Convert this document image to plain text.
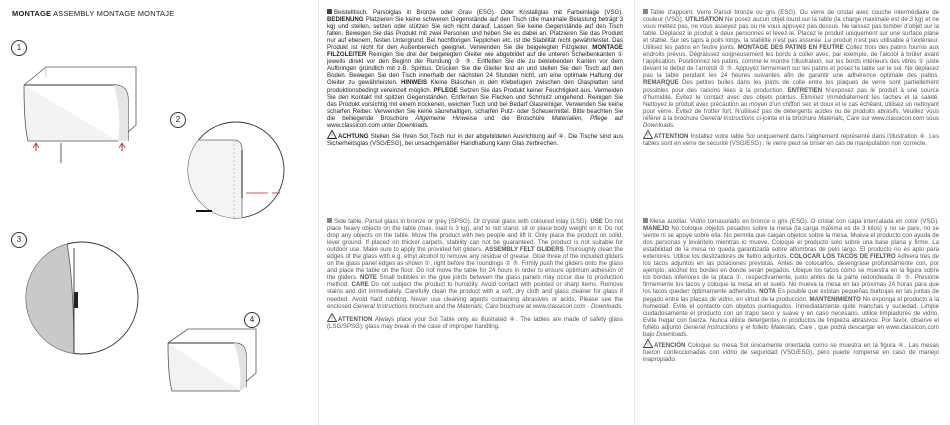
MONTAGE ASSEMBLY MONTAGE MONTAJE
1
2
3
4

Beistelltisch. Parsolglas in Bronze oder Grau (ESG). Oder Kristallglas mit Farbeinlage (VSG). BEDIENUNG Platzieren Sie keine schweren Gegenstände auf den Tisch (die maximale Belastung beträgt 3 kg) und stellen, setzen oder stützen Sie sich nicht darauf. Lassen Sie keine Gegenstände auf den Tisch fallen. Bewegen Sie das Produkt mit zwei Personen und heben Sie es dabei an. Platzieren Sie das Produkt nur auf ebenem, festen Untergrund. Bei hochflorigen Teppichen etc. ist die Stabilität nicht gewährleistet. Das Produkt ist nicht für den Außenbereich geeignet. Verwenden Sie die beigelegten Filzgleiter. MONTAGE FILZGLEITER Reinigen Sie drei der beigelegten Gleiter wie abgebildet auf die unteren Scheibenkanten ① jeweils direkt vor den Beginn der Rundung ② ③. Entfetten Sie die zu beklebenden Kanten vor dem Aufbringen gründlich mit z.B. Spiritus. Drücken Sie die Gleiter fest an und stellen Sie den Tisch auf den Boden. Bewegen Sie den Tisch innerhalb der nächsten 24 Stunden nicht, um eine optimale Haftung der Gleiter zu gewährleisten. HINWEIS Kleine Bläschen in den Klebefugen zwischen den Glasplatten sind produktionsbedingt vereinzelt möglich. PFLEGE Setzen Sie das Produkt keiner Feuchtigkeit aus. Vermeiden Sie den Kontakt mit spitzen Gegenständen. Entfernen Sie Flecken und Schmutz umgehend. Reinigen Sie das Produkt vorsichtig mit einem trockenen, weichen Tuch und bei Bedarf Glasreiniger. Verwenden Sie keine scharfen Reiber. Verwenden Sie keine säurehaltigen, scharfen Putz- oder Scheuermittel. Bitte beachten Sie die beiliegende Broschüre Allgemeine Hinweise und die Broschüre Materialien, Pflege auf www.classicon.com unter Downloads.

! ACHTUNG Stellen Sie Ihren Sol Tisch nur in der abgebildeten Ausrichtung auf ④. Die Tische sind aus Sicherheitsglas (VSG/ESG), bei unsachgemäßer Handhabung kann Glas zerbrechen.

Side table. Parsol glass in bronze or grey (SPSG). Or crystal glass with coloured inlay (LSG). USE Do not place heavy objects on the table (max. load is 3 kg), and to not stand, sit or place body weight on it. Do not drop any objects on the table. Move the product with two people and lift it. Only place the product on solid, level ground. If placed on thicker carpets, stability can not be guaranteed. The product is not suitable for outdoor use. Make sure to apply the provided felt gliders. ASSEMBLY FELT GLIDERS Thoroughly clean the edges of the glass with e.g. ethyl alcohol to remove any residue of grease. Glue three of the included gliders on the glass panel edges as shown ①, right before the roundings ② ③. Firmly push the gliders onto the glass and place the table on the floor. Do not move the table for 24 hours in order to ensure optimum adhesion of the gliders. NOTE Small bubbles in the glue joints between the glass panels may occur due to production method. CARE Do not subject the product to humidity. Avoid contact with pointed or sharp items. Remove stains and dirt immediately. Carefully clean the product with a soft, dry cloth and glass cleaner for glass if needed. Avoid hard rubbing. Never use cleaning agents containing abrasives or acids. Please see the enclosed General Instructions brochure and the Materials, Care brochure at www.classicon.com - Downloads.

! ATTENTION Always place your Sol Table only as illustrated ④. The tables are made of safety glass (LSG/SPSG); glass may break in the case of improper handling.

Table d’appoint. Verre Parsol bronze ou gris (ESG). Ou verre de cristal avec couche intermédiaire de couleur (VSG). UTILISATION Ne posez aucun objet lourd sur la table (la charge maximale est de 3 kg) et ne vous mettez pas, ne vous asseyez pas ou ne vous appuyez pas dessus. Ne laissez pas tomber d’objet sur la table. Déplacez le produit à deux personnes et levez-le. Placez le produit uniquement sur une surface plane et stable. Sur les tapis à poils longs, la stabilité n’est pas assurée. Le produit n’est pas utilisable à l’extérieur. Utilisez les patins en feutre joints. MONTAGE DES PATINS EN FEUTRE Collez trois des patins fournis aux endroits prévus. Dégraissez soigneusement les bords à coller avec, par exemple, de l’alcool à brûler avant l’application. Positionnez les patins, comme le montre l’illustration, sur les bords intérieurs des vitres ① juste devant le début de l’arrondi ② ③. Appuyez fermement sur les patins et posez la table sur le sol. Ne déplacez pas la table pendant les 24 heures suivantes afin de garantir une adhérence optimale des patins. REMARQUE Des petites bulles dans les joints de colle entre les plaques de verre sont partiellement possibles pour des raisons liées à la production. ENTRETIEN N’exposez pas le produit à une source d’humidité. Évitez le contact avec des objets pointus. Éliminez immédiatement les taches et la saleté. Nettoyez le produit avec précaution au moyen d’un chiffon sec et doux et le cas échéant, utilisez un nettoyant pour verre. Évitez de frotter fort. N’utilisez pas de détergents acides ou de produits abrasifs. Veuillez vous référer à la brochure General Instructions ci-jointe et la brochure Materials, Care sur www.classicon.com sous Downloads.

! ATTENTION Installez votre table Sol uniquement dans l’alignement représenté dans l’illustration ④. Les tables sont en verre de sécurité (VSG/ESG) ; le verre peut se briser en cas de manipulation non correcte.

Mesa auxiliar. Vidrio tornasolado en bronce o gris (ESG). O cristal con capa intercalada en color (VSG). MANEJO No coloque objetos pesados sobre la mesa (la carga máxima es de 3 kilos) y no se pare, no se siente ni se apoye sobre ella. No permita que caigan objetos sobre la mesa. Mueva el producto con ayuda de dos personas y levántelo mientras lo mueve. Coloque el producto solo sobre una base plana y firme. La estabilidad de la mesa no queda garantizada sobre alfombras de pelo largo. El producto no es apto para exteriores. Utilice los deslizadores de fieltro adjuntos. COLOCAR LOS TACOS DE FIELTRO Adhiera tres de los tacos adjuntos en las posiciones previstas. Antes de colocarlos, desengrase profundamente con, por ejemplo, alcohol los bordes en donde serán pegados. Ubique los tacos como se muestra en la figura sobre los bordes inferiores de la placa ①, respectivamente, justo antes de la parte redondeada ② ③. Presione firmemente los tacos y coloque la mesa en el suelo. No mueva la mesa en las próximas 24 horas para que los tacos queden óptimamente adheridos. NOTA Es posible que existan pequeñas burbujas en las juntas de pegado entre las placas de vidrio, en virtud de la producción. MANTENIMIENTO No exponga el producto a la humedad. Evite el contacto con objetos puntiagudos. Inmediatamente quite manchas y suciedad. Limpie cuidadosamente el producto con un trapo seco y suave y en caso necesario, utilice limpiadores de vidrio. Evite fregar con fuerza. Nunca utilice detergentes ni productos de limpieza abrasivos. Por favor, observe el folleto adjunto General Instructions y el folleto Materials, Care , que podrá descargar en www.classicon.com bajo Downloads.

! ATENCIÓN Coloque su mesa Sol únicamente orientada como se muestra en la figura ④. Las mesas fueron confeccionadas con vidrio de seguridad (VSG/ESG), pero puede romperse en caso de manejo inapropiado.
